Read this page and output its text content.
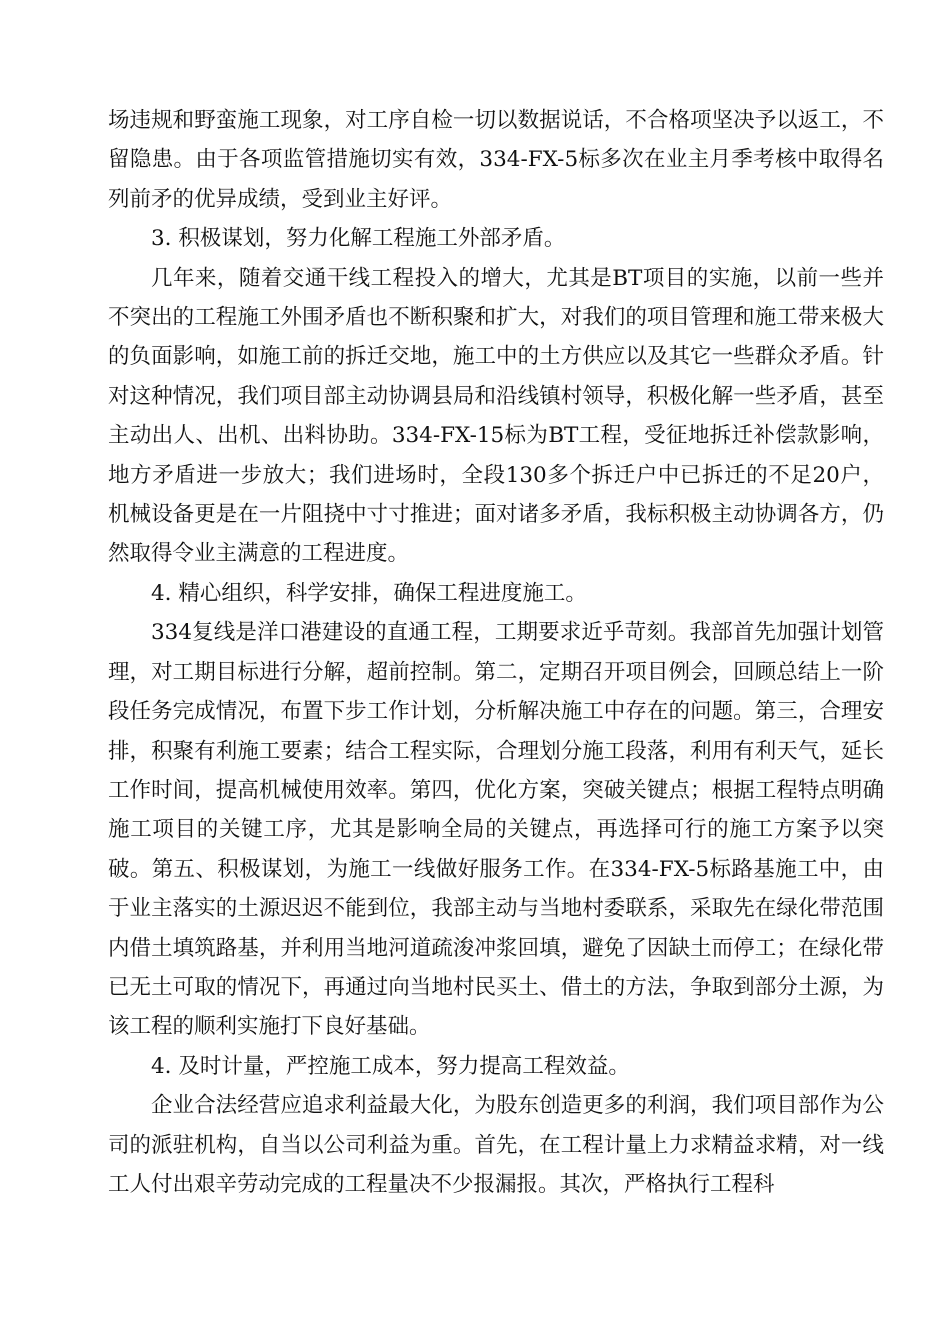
场违规和野蛮施工现象，对工序自检一切以数据说话，不合格项坚决予以返工，不留隐患。由于各项监管措施切实有效，334-FX-5标多次在业主月季考核中取得名列前矛的优异成绩，受到业主好评。

3. 积极谋划，努力化解工程施工外部矛盾。

几年来，随着交通干线工程投入的增大，尤其是BT项目的实施，以前一些并不突出的工程施工外围矛盾也不断积聚和扩大，对我们的项目管理和施工带来极大的负面影响，如施工前的拆迁交地，施工中的土方供应以及其它一些群众矛盾。针对这种情况，我们项目部主动协调县局和沿线镇村领导，积极化解一些矛盾，甚至主动出人、出机、出料协助。334-FX-15标为BT工程，受征地拆迁补偿款影响，地方矛盾进一步放大；我们进场时，全段130多个拆迁户中已拆迁的不足20户，机械设备更是在一片阻挠中寸寸推进；面对诸多矛盾，我标积极主动协调各方，仍然取得令业主满意的工程进度。

4. 精心组织，科学安排，确保工程进度施工。

334复线是洋口港建设的直通工程，工期要求近乎苛刻。我部首先加强计划管理，对工期目标进行分解，超前控制。第二，定期召开项目例会，回顾总结上一阶段任务完成情况，布置下步工作计划，分析解决施工中存在的问题。第三，合理安排，积聚有利施工要素；结合工程实际，合理划分施工段落，利用有利天气，延长工作时间，提高机械使用效率。第四，优化方案，突破关键点；根据工程特点明确施工项目的关键工序，尤其是影响全局的关键点，再选择可行的施工方案予以突破。第五、积极谋划，为施工一线做好服务工作。在334-FX-5标路基施工中，由于业主落实的土源迟迟不能到位，我部主动与当地村委联系，采取先在绿化带范围内借土填筑路基，并利用当地河道疏浚冲浆回填，避免了因缺土而停工；在绿化带已无土可取的情况下，再通过向当地村民买土、借土的方法，争取到部分土源，为该工程的顺利实施打下良好基础。

4. 及时计量，严控施工成本，努力提高工程效益。

企业合法经营应追求利益最大化，为股东创造更多的利润，我们项目部作为公司的派驻机构，自当以公司利益为重。首先，在工程计量上力求精益求精，对一线工人付出艰辛劳动完成的工程量决不少报漏报。其次，严格执行工程科
